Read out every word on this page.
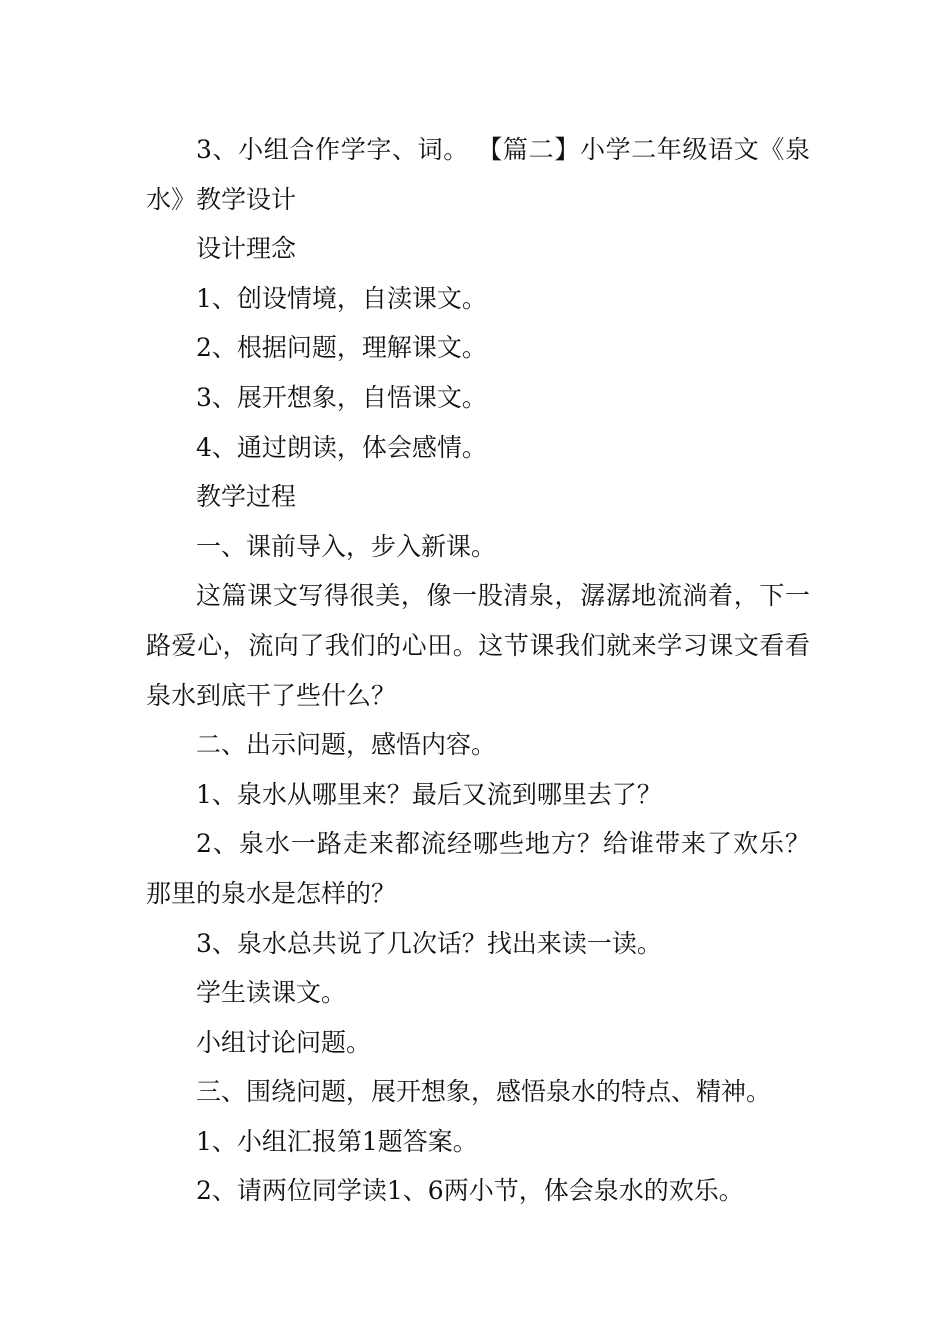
3、小组合作学字、词。 【篇二】小学二年级语文《泉水》教学设计

设计理念

1、创设情境，自渎课文。

2、根据问题，理解课文。

3、展开想象，自悟课文。

4、通过朗读，体会感情。

教学过程

一、课前导入，步入新课。

这篇课文写得很美，像一股清泉，潺潺地流淌着，下一路爱心，流向了我们的心田。这节课我们就来学习课文看看泉水到底干了些什么？

二、出示问题，感悟内容。

1、泉水从哪里来？最后又流到哪里去了？

2、泉水一路走来都流经哪些地方？给谁带来了欢乐？那里的泉水是怎样的？

3、泉水总共说了几次话？找出来读一读。

学生读课文。

小组讨论问题。

三、围绕问题，展开想象，感悟泉水的特点、精神。

1、小组汇报第1题答案。

2、请两位同学读1、6两小节，体会泉水的欢乐。
